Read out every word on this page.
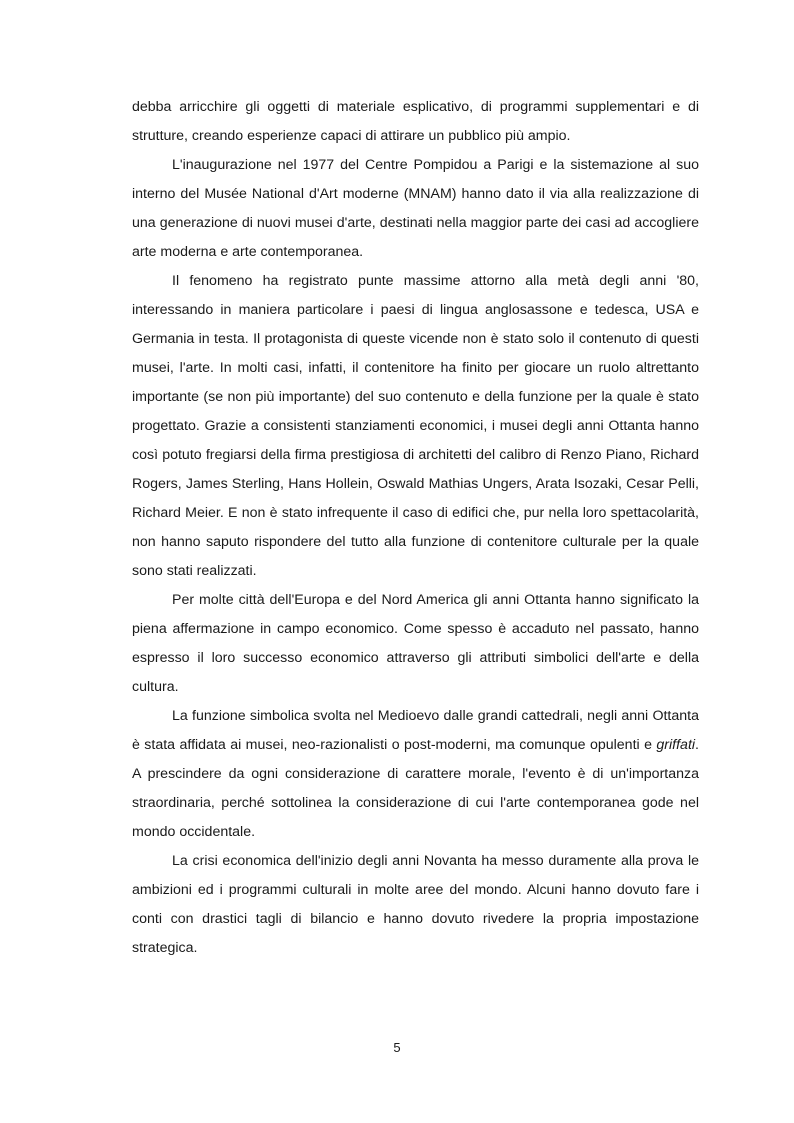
debba arricchire gli oggetti di materiale esplicativo, di programmi supplementari e di strutture, creando esperienze capaci di attirare un pubblico più ampio.

L'inaugurazione nel 1977 del Centre Pompidou a Parigi e la sistemazione al suo interno del Musée National d'Art moderne (MNAM) hanno dato il via alla realizzazione di una generazione di nuovi musei d'arte, destinati nella maggior parte dei casi ad accogliere arte moderna e arte contemporanea.

Il fenomeno ha registrato punte massime attorno alla metà degli anni '80, interessando in maniera particolare i paesi di lingua anglosassone e tedesca, USA e Germania in testa. Il protagonista di queste vicende non è stato solo il contenuto di questi musei, l'arte. In molti casi, infatti, il contenitore ha finito per giocare un ruolo altrettanto importante (se non più importante) del suo contenuto e della funzione per la quale è stato progettato. Grazie a consistenti stanziamenti economici, i musei degli anni Ottanta hanno così potuto fregiarsi della firma prestigiosa di architetti del calibro di Renzo Piano, Richard Rogers, James Sterling, Hans Hollein, Oswald Mathias Ungers, Arata Isozaki, Cesar Pelli, Richard Meier. E non è stato infrequente il caso di edifici che, pur nella loro spettacolarità, non hanno saputo rispondere del tutto alla funzione di contenitore culturale per la quale sono stati realizzati.

Per molte città dell'Europa e del Nord America gli anni Ottanta hanno significato la piena affermazione in campo economico. Come spesso è accaduto nel passato, hanno espresso il loro successo economico attraverso gli attributi simbolici dell'arte e della cultura.

La funzione simbolica svolta nel Medioevo dalle grandi cattedrali, negli anni Ottanta è stata affidata ai musei, neo-razionalisti o post-moderni, ma comunque opulenti e griffati. A prescindere da ogni considerazione di carattere morale, l'evento è di un'importanza straordinaria, perché sottolinea la considerazione di cui l'arte contemporanea gode nel mondo occidentale.

La crisi economica dell'inizio degli anni Novanta ha messo duramente alla prova le ambizioni ed i programmi culturali in molte aree del mondo. Alcuni hanno dovuto fare i conti con drastici tagli di bilancio e hanno dovuto rivedere la propria impostazione strategica.

5
